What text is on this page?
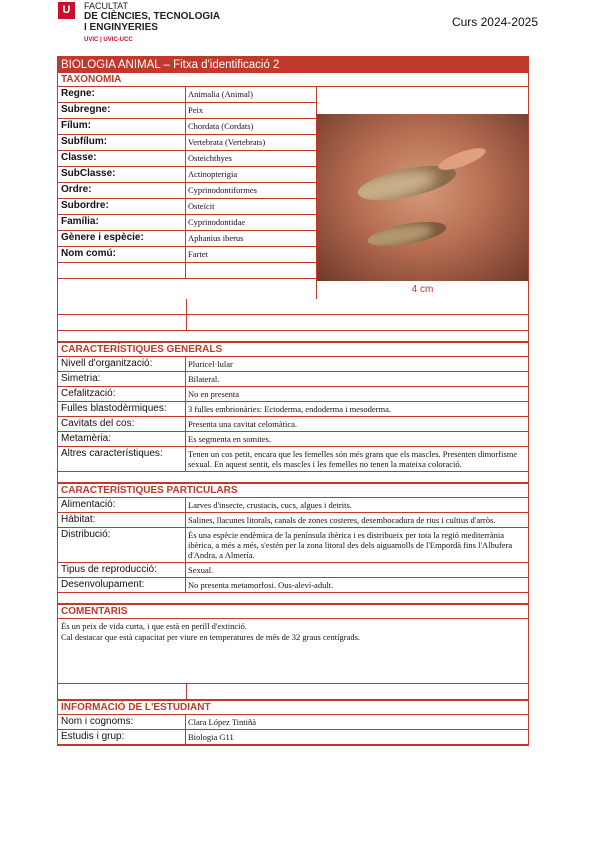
U	FACULTAT
DE CIÈNCIES, TECNOLOGIA
I ENGINYERIES
UVIC | UVIC-UCC
Curs 2024-2025
BIOLOGIA ANIMAL – Fitxa d'identificació 2
TAXONOMIA
Regne:	Animalia (Animal)
Subregne:	Peix
Fílum:	Chordata (Cordats)
Subfílum:	Vertebrata (Vertebrats)
Classe:	Osteichthyes
SubClasse:	Actinopterigia
Ordre:	Cyprinodontiformes
Subordre:	Osteïcit
Família:	Cyprinodontidae
Gènere i espècie:	Aphanius iberus
Nom comú:	Fartet
4 cm
CARACTERÍSTIQUES GENERALS
Nivell d'organització:	Pluricel·lular
Simetria:	Bilateral.
Cefalització:	No en presenta
Fulles blastodèrmiques:	3 fulles embrionàries: Ectoderma, endoderma i mesoderma.
Cavitats del cos:	Presenta una cavitat celomàtica.
Metamèria:	Es segmenta en somites.
Altres característiques:	Tenen un cos petit, encara que les femelles són més grans que els mascles. Presenten dimorfisme sexual. En aquest sentit, els mascles i les femelles no tenen la mateixa coloració.
CARACTERÍSTIQUES PARTICULARS
Alimentació:	Larves d'insecte, crustacis, cucs, algues i detrits.
Hàbitat:	Salines, llacunes litorals, canals de zones costeres, desembocadura de rius i cultius d'arròs.
Distribució:	És una espècie endèmica de la península ibèrica i es distribueix per tota la regió mediterrània ibèrica, a més a més, s'estén per la zona litoral des dels aiguamolls de l'Empordà fins l'Albufera d'Andra, a Almería.
Tipus de reproducció:	Sexual.
Desenvolupament:	No presenta metamorfosi. Ous-aleví-adult.
COMENTARIS
És un peix de vida curta, i que està en perill d'extinció.
Cal destacar que està capacitat per viure en temperatures de més de 32 graus centígrads.
INFORMACIÓ DE L'ESTUDIANT
Nom i cognoms:	Clara López Tintiñà
Estudis i grup:	Biologia G11
